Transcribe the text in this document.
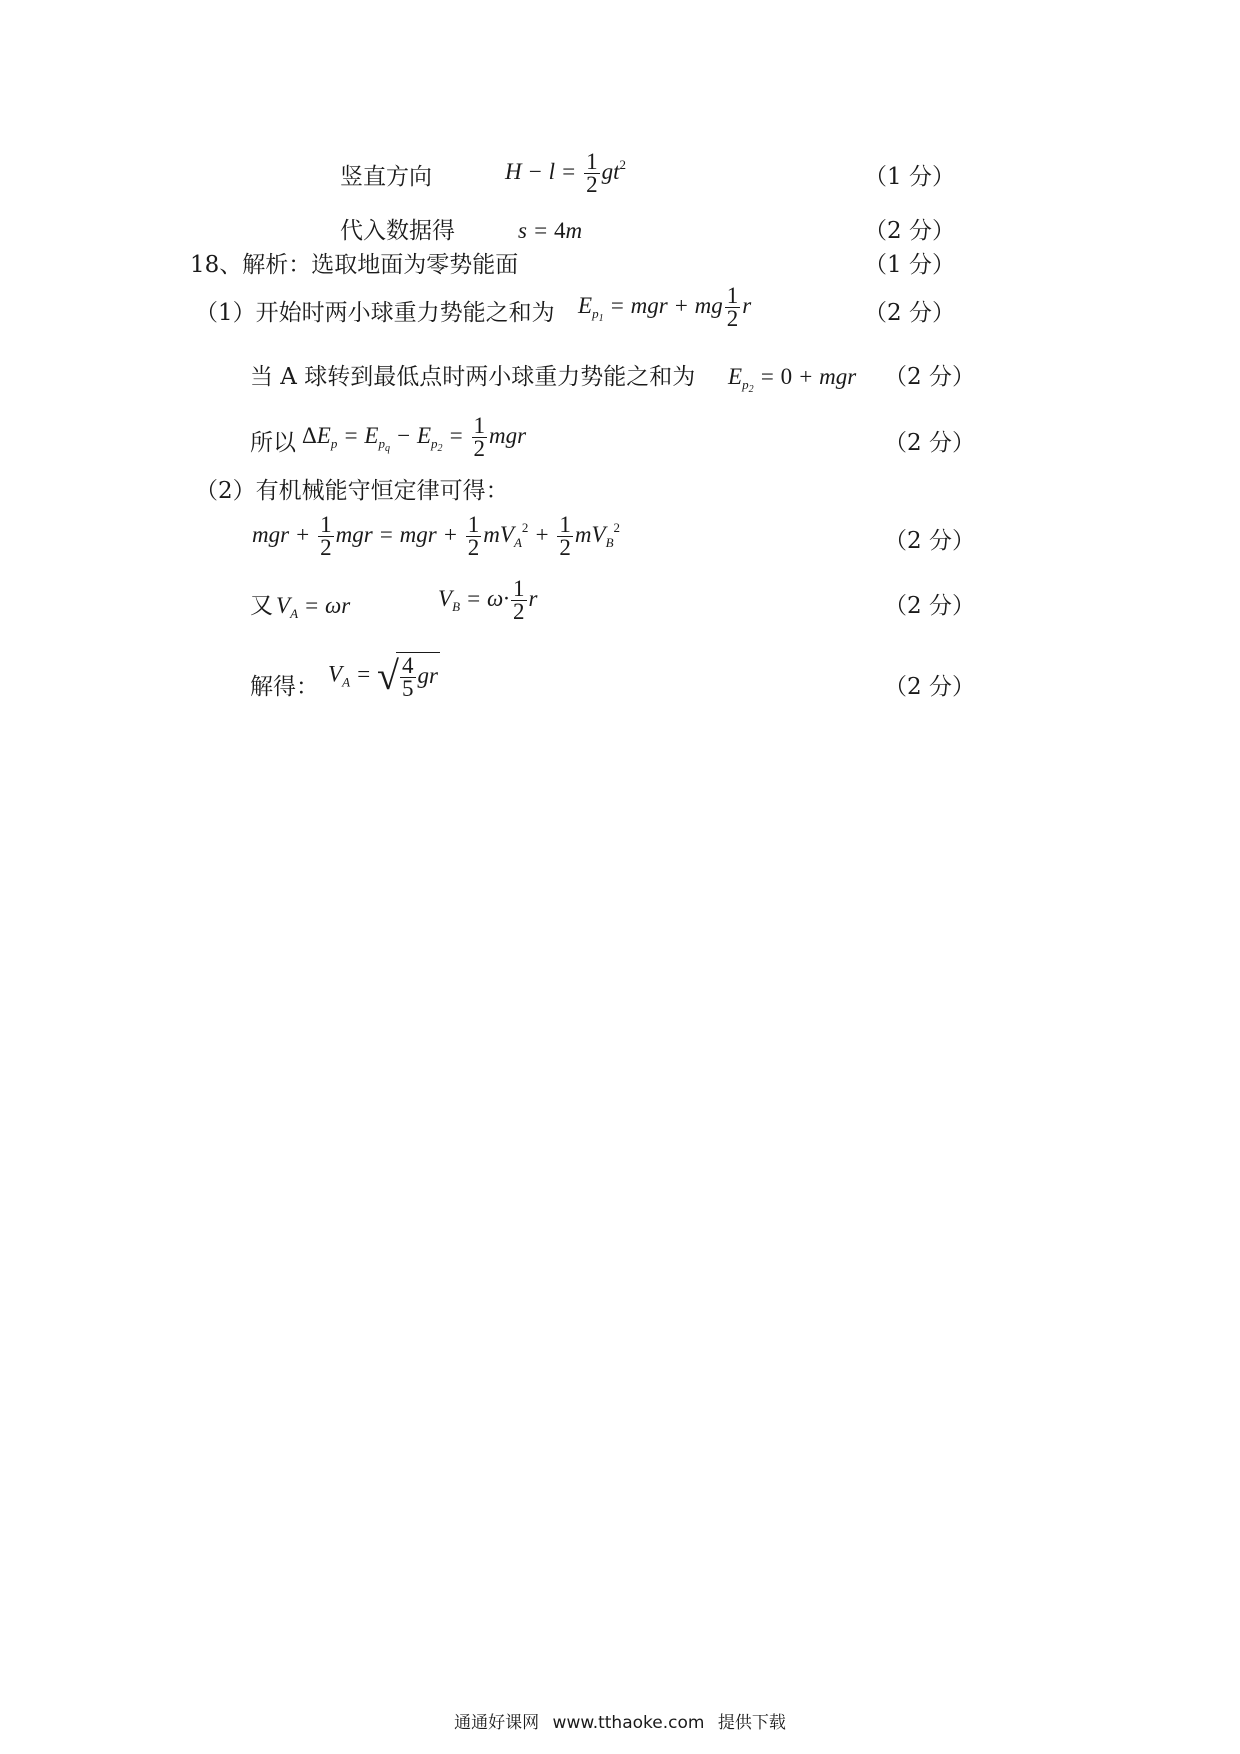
竖直方向	$H - l = \frac{1}{2} gt^2$	（1 分）
代入数据得	s = 4m	（2 分）
18、解析：选取地面为零势能面	（1 分）
（1）开始时两小球重力势能之和为 $E_{p_1}$ = mgr + mg $\frac{1}{2}$ r	（2 分）
当 A 球转到最低点时两小球重力势能之和为 $E_{p_2} = 0$ + mgr （2 分）
所以 $\Delta E_p = E_{p_q} - E_{p_2} = \frac{1}{2}$ mgr	（2 分）
（2）有机械能守恒定律可得：
mgr + $\frac{1}{2}$ mgr = mgr + $\frac{1}{2} mV_A^2 + \frac{1}{2} mV_B^2$
（2 分）
又 $V_A = \omega r$	$V_B = \omega\cdot \frac{1}{2}$ r	（2 分）
解得：
$V_A$ = √ $\frac{4}{5}$ gr	（2 分）
通通好课网 www.tthaoke.com 提供下载
